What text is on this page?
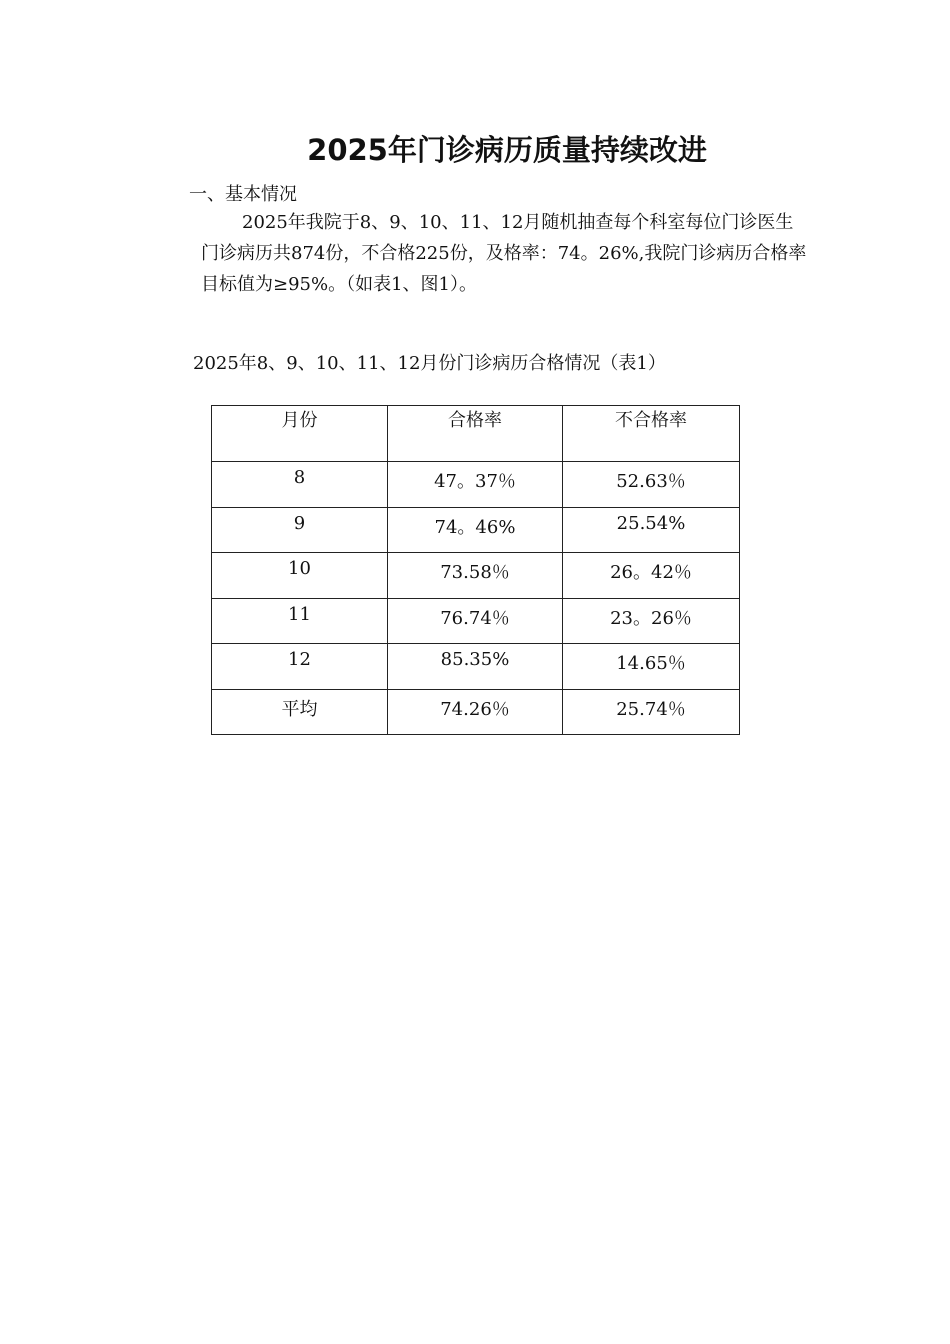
2025年门诊病历质量持续改进
一、基本情况

2025年我院于8、9、10、11、12月随机抽查每个科室每位门诊医生门诊病历共874份，不合格225份，及格率：74。26%,我院门诊病历合格率目标值为≥95%。（如表1、图1）。

2025年8、9、10、11、12月份门诊病历合格情况（表1）
月份	合格率	不合格率
8	47。37％	52.63％
9	74。46%	25.54%
10	73.58％	26。42％
11	76.74％	23。26％
12	85.35%	14.65％
平均	74.26％	25.74％
